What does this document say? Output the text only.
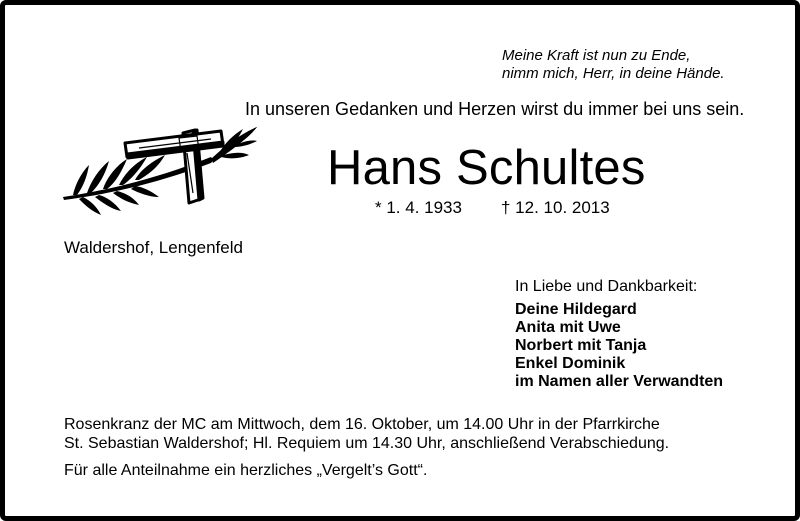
Meine Kraft ist nun zu Ende,
nimm mich, Herr, in deine Hände.
In unseren Gedanken und Herzen wirst du immer bei uns sein.
Hans Schultes
* 1. 4. 1933 † 12. 10. 2013
Waldershof, Lengenfeld
In Liebe und Dankbarkeit:
Deine Hildegard
Anita mit Uwe
Norbert mit Tanja
Enkel Dominik
im Namen aller Verwandten
Rosenkranz der MC am Mittwoch, dem 16. Oktober, um 14.00 Uhr in der Pfarrkirche
St. Sebastian Waldershof; Hl. Requiem um 14.30 Uhr, anschließend Verabschiedung.
Für alle Anteilnahme ein herzliches „Vergelt’s Gott“.
